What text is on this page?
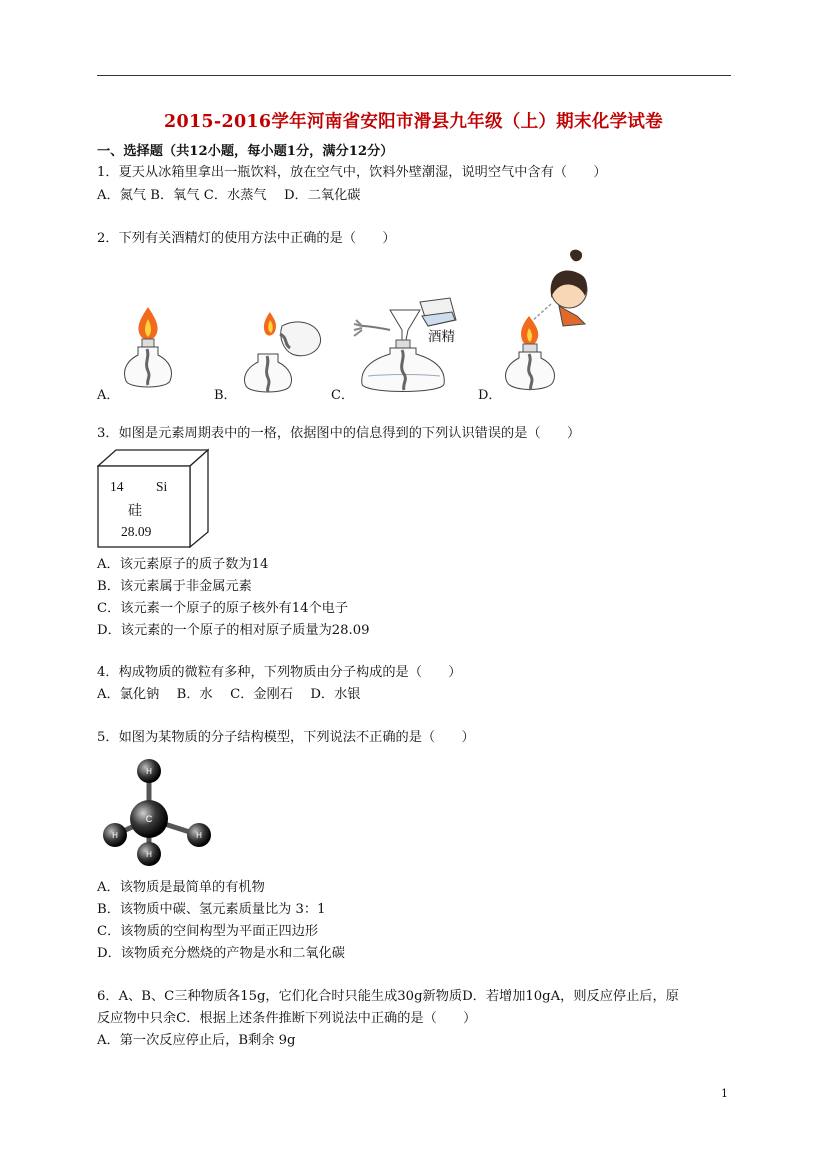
2015-2016学年河南省安阳市滑县九年级（上）期末化学试卷
一、选择题（共12小题，每小题1分，满分12分）
1．夏天从冰箱里拿出一瓶饮料，放在空气中，饮料外壁潮湿，说明空气中含有（　　）
A．氮气 B．氧气 C．水蒸气　 D．二氧化碳
2．下列有关酒精灯的使用方法中正确的是（　　）
酒精
A．	B．	C．	D．
3．如图是元素周期表中的一格，依据图中的信息得到的下列认识错误的是（　　）
14 Si
硅
28.09
A．该元素原子的质子数为14
B．该元素属于非金属元素
C．该元素一个原子的原子核外有14个电子
D．该元素的一个原子的相对原子质量为28.09
4．构成物质的微粒有多种，下列物质由分子构成的是（　　）
A．氯化钠　 B．水　 C．金刚石　 D．水银
5．如图为某物质的分子结构模型，下列说法不正确的是（　　）
H
H	H
C
H
A．该物质是最简单的有机物
B．该物质中碳、氢元素质量比为 3：1
C．该物质的空间构型为平面正四边形
D．该物质充分燃烧的产物是水和二氧化碳
6．A、B、C三种物质各15g，它们化合时只能生成30g新物质D．若增加10gA，则反应停止后，原
反应物中只余C．根据上述条件推断下列说法中正确的是（　　）
A．第一次反应停止后，B剩余 9g
1
